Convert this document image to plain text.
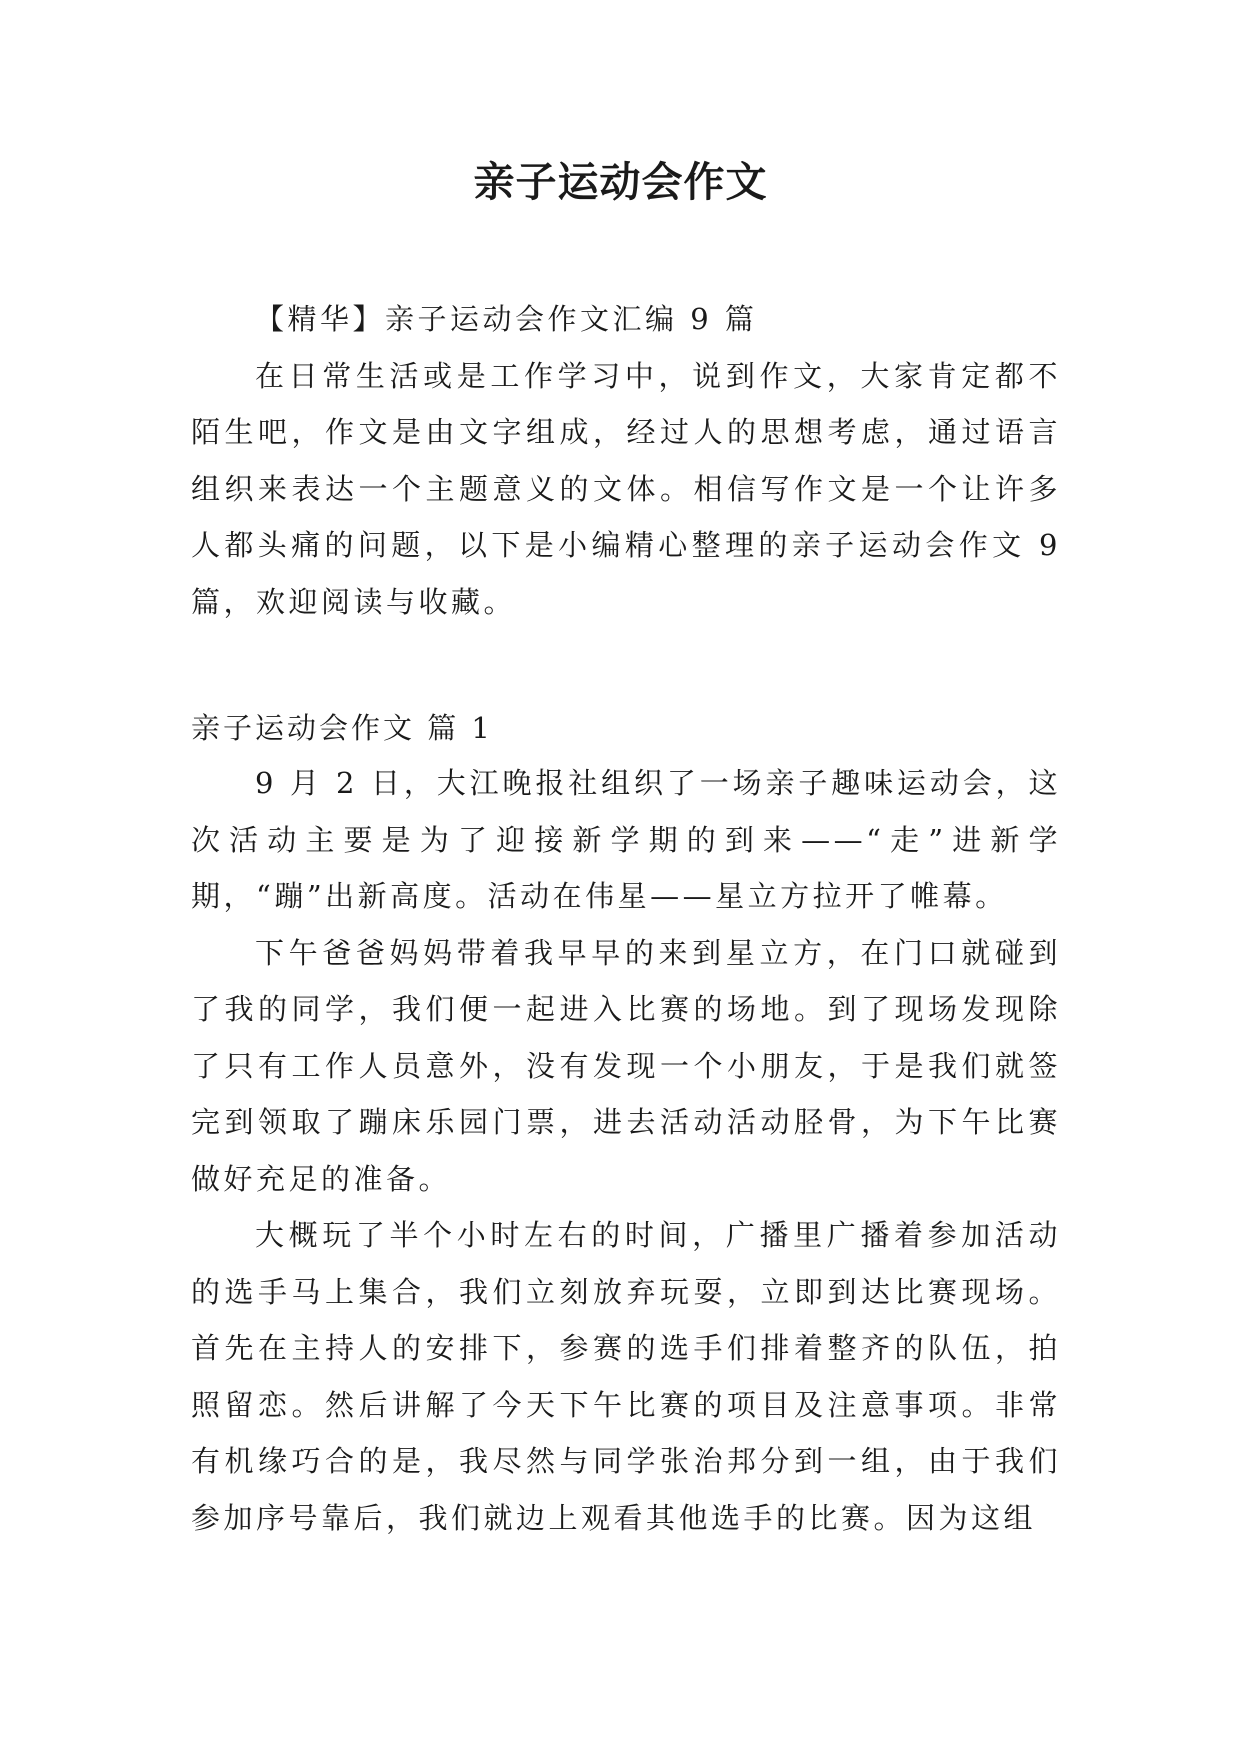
亲子运动会作文

【精华】亲子运动会作文汇编 9 篇

在日常生活或是工作学习中，说到作文，大家肯定都不陌生吧，作文是由文字组成，经过人的思想考虑，通过语言组织来表达一个主题意义的文体。相信写作文是一个让许多人都头痛的问题，以下是小编精心整理的亲子运动会作文 9 篇，欢迎阅读与收藏。

亲子运动会作文 篇 1

9 月 2 日，大江晚报社组织了一场亲子趣味运动会，这次活动主要是为了迎接新学期的到来——“走”进新学期，“蹦”出新高度。活动在伟星——星立方拉开了帷幕。

下午爸爸妈妈带着我早早的来到星立方，在门口就碰到了我的同学，我们便一起进入比赛的场地。到了现场发现除了只有工作人员意外，没有发现一个小朋友，于是我们就签完到领取了蹦床乐园门票，进去活动活动胫骨，为下午比赛做好充足的准备。

大概玩了半个小时左右的时间，广播里广播着参加活动的选手马上集合，我们立刻放弃玩耍，立即到达比赛现场。首先在主持人的安排下，参赛的选手们排着整齐的队伍，拍照留恋。然后讲解了今天下午比赛的项目及注意事项。非常有机缘巧合的是，我尽然与同学张治邦分到一组，由于我们参加序号靠后，我们就边上观看其他选手的比赛。因为这组
